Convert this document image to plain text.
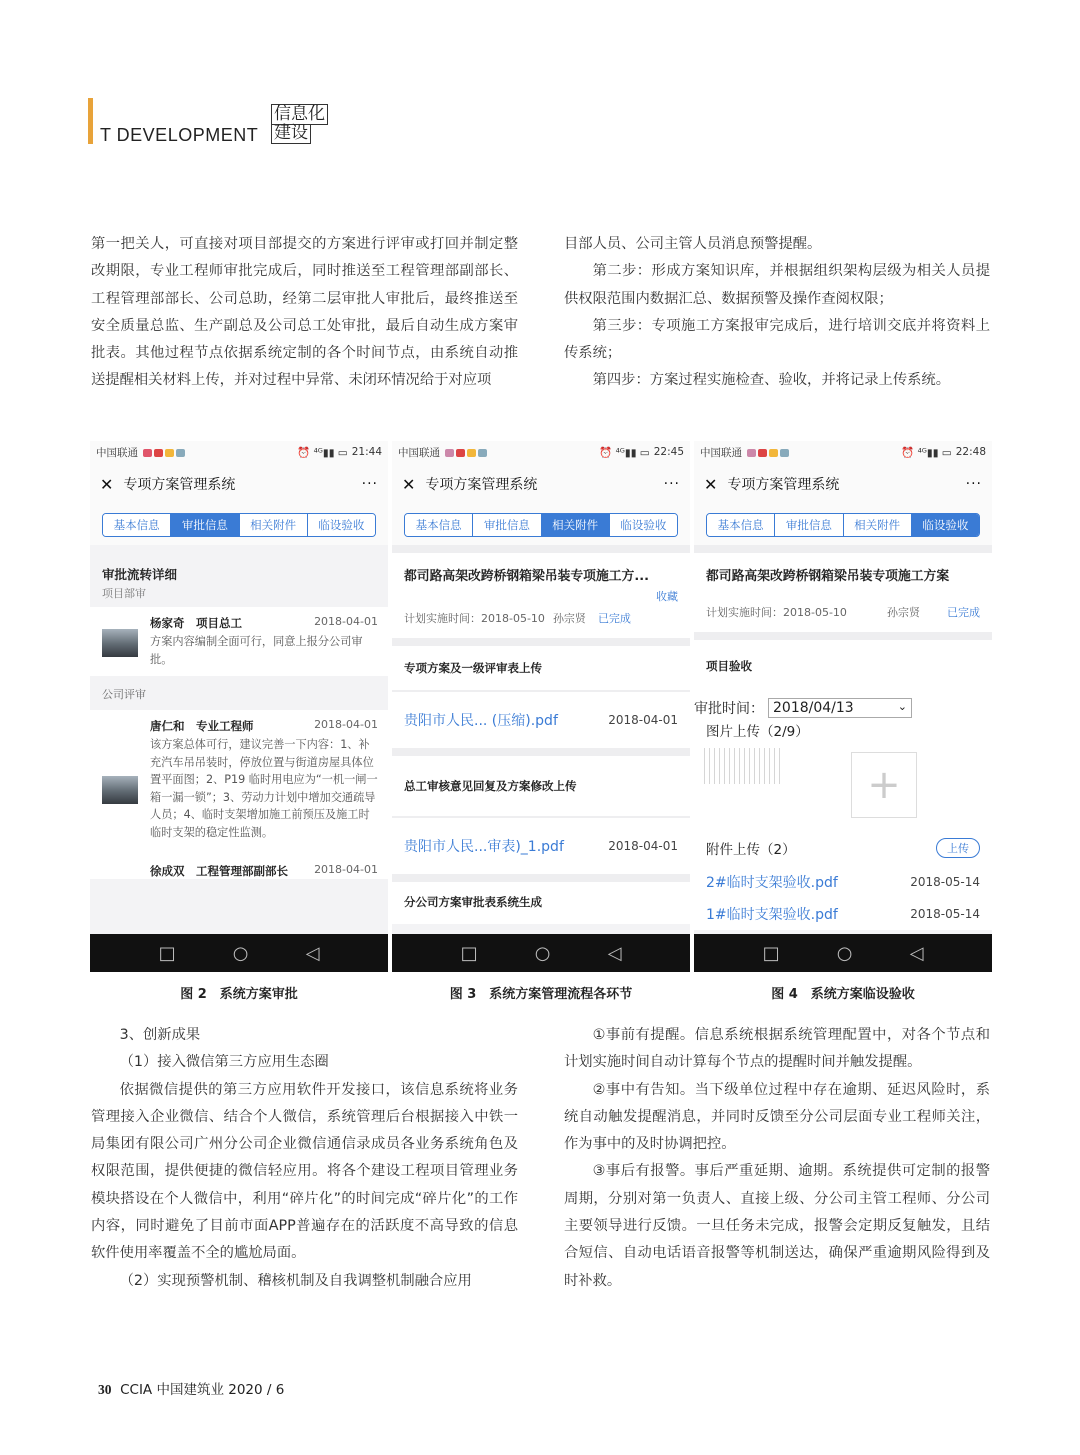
T DEVELOPMENT
信息化
建设

第一把关人，可直接对项目部提交的方案进行评审或打回并制定整改期限，专业工程师审批完成后，同时推送至工程管理部副部长、工程管理部部长、公司总助，经第二层审批人审批后，最终推送至安全质量总监、生产副总及公司总工处审批，最后自动生成方案审批表。其他过程节点依据系统定制的各个时间节点，由系统自动推送提醒相关材料上传，并对过程中异常、未闭环情况给于对应项

目部人员、公司主管人员消息预警提醒。

第二步：形成方案知识库，并根据组织架构层级为相关人员提供权限范围内数据汇总、数据预警及操作查阅权限；

第三步：专项施工方案报审完成后，进行培训交底并将资料上传系统；

第四步：方案过程实施检查、验收，并将记录上传系统。

中国联通	⏰ ⁴ᴳ▮▮ ▭ 21:44
✕ 专项方案管理系统	···
基本信息	审批信息	相关附件	临设验收
审批流转详细
项目部审
杨家奇　项目总工	2018-04-01
方案内容编制全面可行，同意上报分公司审批。
公司评审
唐仁和　专业工程师	2018-04-01
该方案总体可行，建议完善一下内容：1、补充汽车吊吊装时，停放位置与街道房屋具体位置平面图；2、P19 临时用电应为“一机一闸一箱一漏一锁”；3、劳动力计划中增加交通疏导人员；4、临时支架增加施工前预压及施工时临时支架的稳定性监测。
徐成双　工程管理部副部长	2018-04-01
□	○	◁
中国联通	⏰ ⁴ᴳ▮▮ ▭ 22:45
✕ 专项方案管理系统	···
基本信息	审批信息	相关附件	临设验收
都司路高架改跨桥钢箱梁吊装专项施工方...
收藏
计划实施时间：2018-05-10 孙宗贤 已完成
专项方案及一级评审表上传
贵阳市人民... (压缩).pdf	2018-04-01
总工审核意见回复及方案修改上传
贵阳市人民...审表)_1.pdf	2018-04-01
分公司方案审批表系统生成
□	○	◁
中国联通	⏰ ⁴ᴳ▮▮ ▭ 22:48
✕ 专项方案管理系统	···
基本信息	审批信息	相关附件	临设验收
都司路高架改跨桥钢箱梁吊装专项施工方案
计划实施时间：2018-05-10	孙宗贤	已完成
项目验收
审批时间： 2018/04/13	⌄
图片上传（2/9）
+
附件上传（2）	上传
2#临时支架验收.pdf	2018-05-14
1#临时支架验收.pdf	2018-05-14
□	○	◁
图 2　系统方案审批	图 3　系统方案管理流程各环节	图 4　系统方案临设验收

3、创新成果

（1）接入微信第三方应用生态圈

依据微信提供的第三方应用软件开发接口，该信息系统将业务管理接入企业微信、结合个人微信，系统管理后台根据接入中铁一局集团有限公司广州分公司企业微信通信录成员各业务系统角色及权限范围，提供便捷的微信轻应用。将各个建设工程项目管理业务模块搭设在个人微信中，利用“碎片化”的时间完成“碎片化”的工作内容，同时避免了目前市面APP普遍存在的活跃度不高导致的信息软件使用率覆盖不全的尴尬局面。

（2）实现预警机制、稽核机制及自我调整机制融合应用

①事前有提醒。信息系统根据系统管理配置中，对各个节点和计划实施时间自动计算每个节点的提醒时间并触发提醒。

②事中有告知。当下级单位过程中存在逾期、延迟风险时，系统自动触发提醒消息，并同时反馈至分公司层面专业工程师关注，作为事中的及时协调把控。

③事后有报警。事后严重延期、逾期。系统提供可定制的报警周期，分别对第一负责人、直接上级、分公司主管工程师、分公司主要领导进行反馈。一旦任务未完成，报警会定期反复触发，且结合短信、自动电话语音报警等机制送达，确保严重逾期风险得到及时补救。

30 CCIA 中国建筑业 2020 / 6
